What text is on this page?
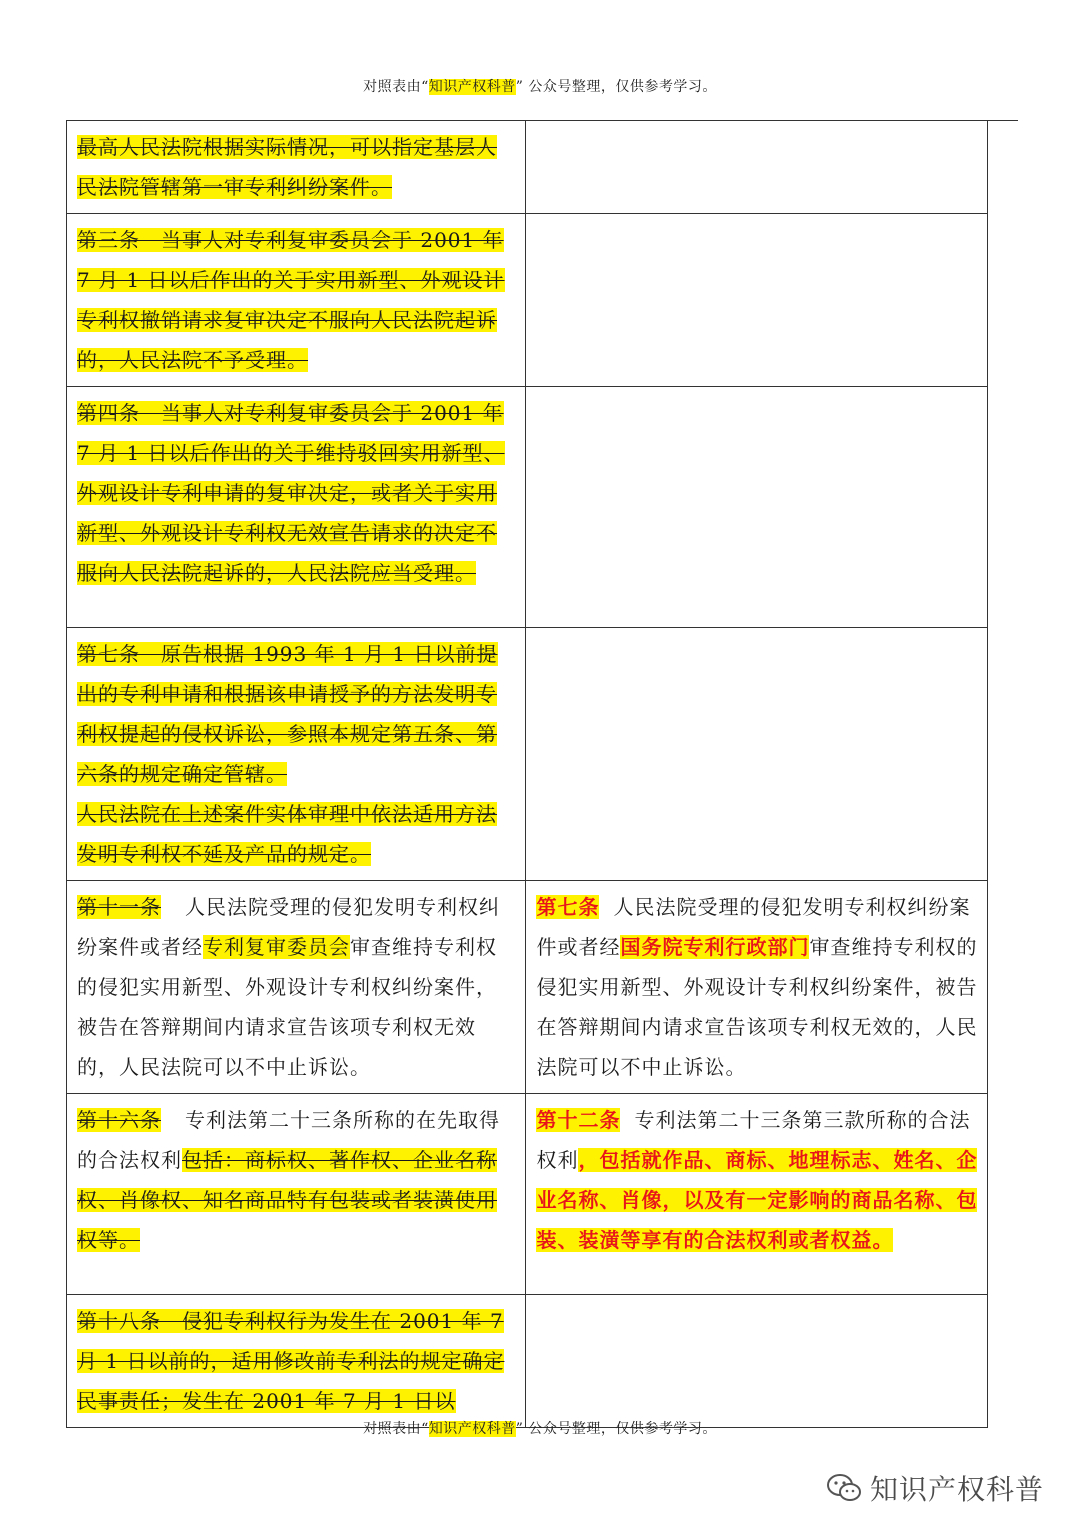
对照表由“知识产权科普” 公众号整理，仅供参考学习。
最高人民法院根据实际情况，可以指定基层人民法院管辖第一审专利纠纷案件。	
第三条　当事人对专利复审委员会于 2001 年 7 月 1 日以后作出的关于实用新型、外观设计专利权撤销请求复审决定不服向人民法院起诉的，人民法院不予受理。	
第四条　当事人对专利复审委员会于 2001 年 7 月 1 日以后作出的关于维持驳回实用新型、外观设计专利申请的复审决定，或者关于实用新型、外观设计专利权无效宣告请求的决定不服向人民法院起诉的，人民法院应当受理。	
第七条　原告根据 1993 年 1 月 1 日以前提出的专利申请和根据该申请授予的方法发明专利权提起的侵权诉讼，参照本规定第五条、第六条的规定确定管辖。
人民法院在上述案件实体审理中依法适用方法发明专利权不延及产品的规定。	
第十一条 人民法院受理的侵犯发明专利权纠纷案件或者经专利复审委员会审查维持专利权的侵犯实用新型、外观设计专利权纠纷案件，被告在答辩期间内请求宣告该项专利权无效的，人民法院可以不中止诉讼。	第七条 人民法院受理的侵犯发明专利权纠纷案件或者经国务院专利行政部门审查维持专利权的侵犯实用新型、外观设计专利权纠纷案件，被告在答辩期间内请求宣告该项专利权无效的，人民法院可以不中止诉讼。
第十六条 专利法第二十三条所称的在先取得的合法权利包括：商标权、著作权、企业名称权、肖像权、知名商品特有包装或者装潢使用权等。	第十二条 专利法第二十三条第三款所称的合法权利，包括就作品、商标、地理标志、姓名、企业名称、肖像，以及有一定影响的商品名称、包装、装潢等享有的合法权利或者权益。
第十八条　侵犯专利权行为发生在 2001 年 7 月 1 日以前的，适用修改前专利法的规定确定民事责任；发生在 2001 年 7 月 1 日以	
对照表由“知识产权科普” 公众号整理，仅供参考学习。
知识产权科普
